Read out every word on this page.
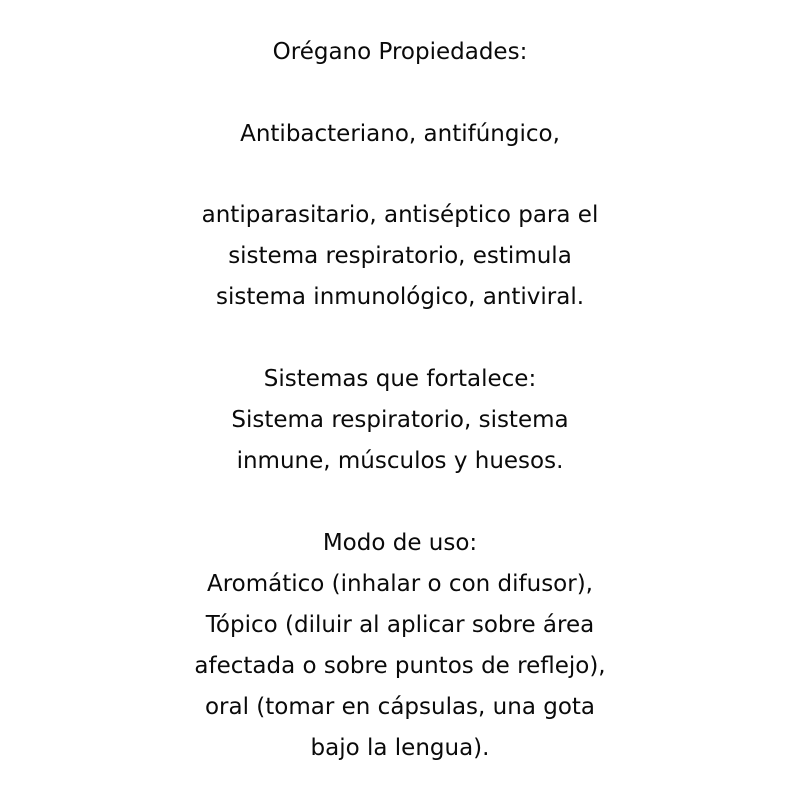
Orégano Propiedades:
Antibacteriano, antifúngico,
antiparasitario, antiséptico para el
sistema respiratorio, estimula
sistema inmunológico, antiviral.
Sistemas que fortalece:
Sistema respiratorio, sistema
inmune, músculos y huesos.
Modo de uso:
Aromático (inhalar o con difusor),
Tópico (diluir al aplicar sobre área
afectada o sobre puntos de reflejo),
oral (tomar en cápsulas, una gota
bajo la lengua).
